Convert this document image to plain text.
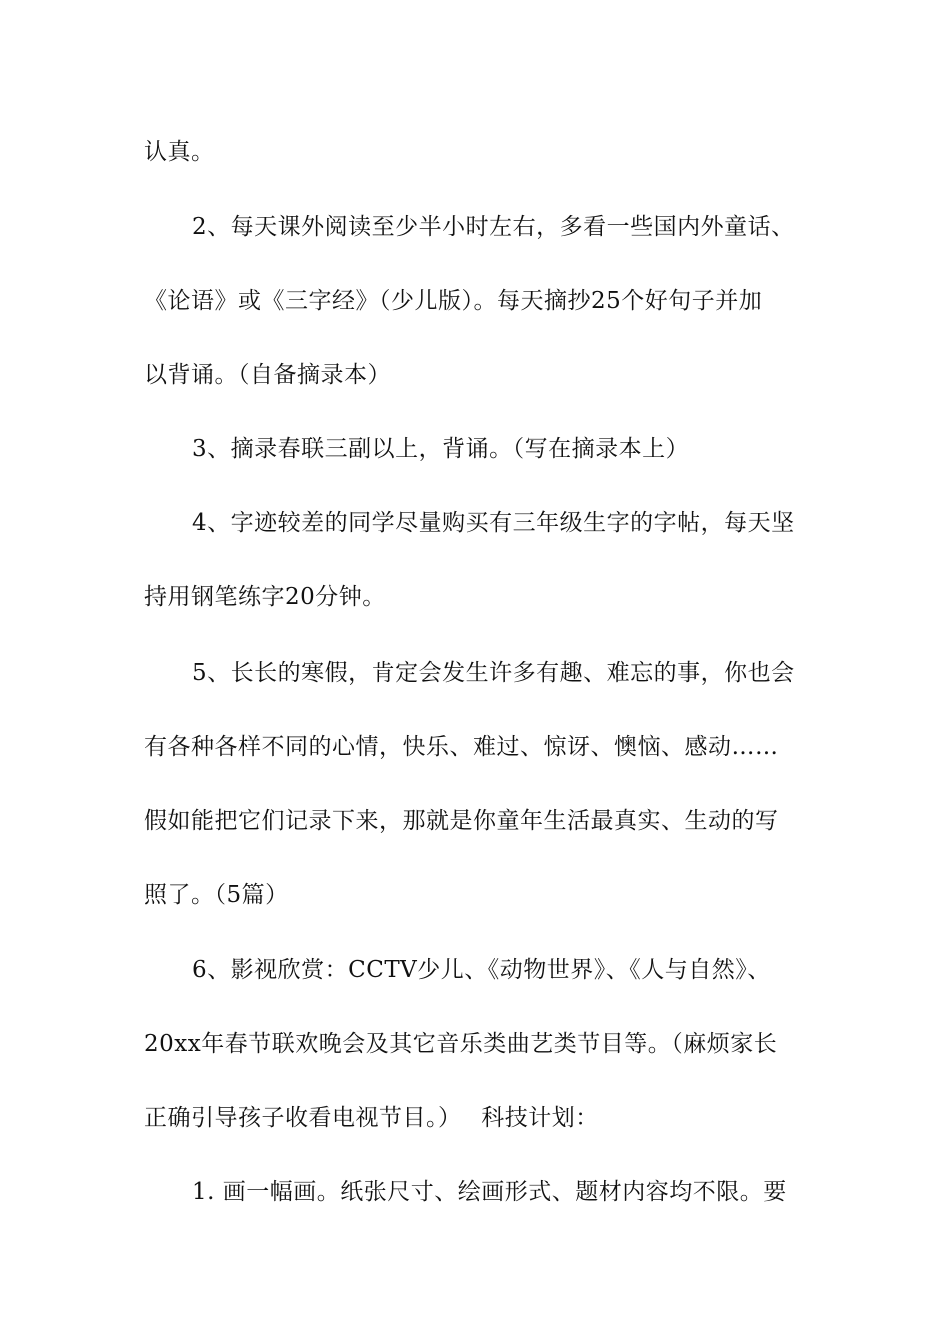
认真。
2、每天课外阅读至少半小时左右，多看一些国内外童话、
《论语》或《三字经》（少儿版）。每天摘抄25个好句子并加
以背诵。（自备摘录本）
3、摘录春联三副以上，背诵。（写在摘录本上）
4、字迹较差的同学尽量购买有三年级生字的字帖，每天坚
持用钢笔练字20分钟。
5、长长的寒假，肯定会发生许多有趣、难忘的事，你也会
有各种各样不同的心情，快乐、难过、惊讶、懊恼、感动……
假如能把它们记录下来，那就是你童年生活最真实、生动的写
照了。（5篇）
6、影视欣赏：CCTV少儿、《动物世界》、《人与自然》、
20xx年春节联欢晚会及其它音乐类曲艺类节目等。（麻烦家长
正确引导孩子收看电视节目。）　 科技计划：
1. 画一幅画。纸张尺寸、绘画形式、题材内容均不限。要
